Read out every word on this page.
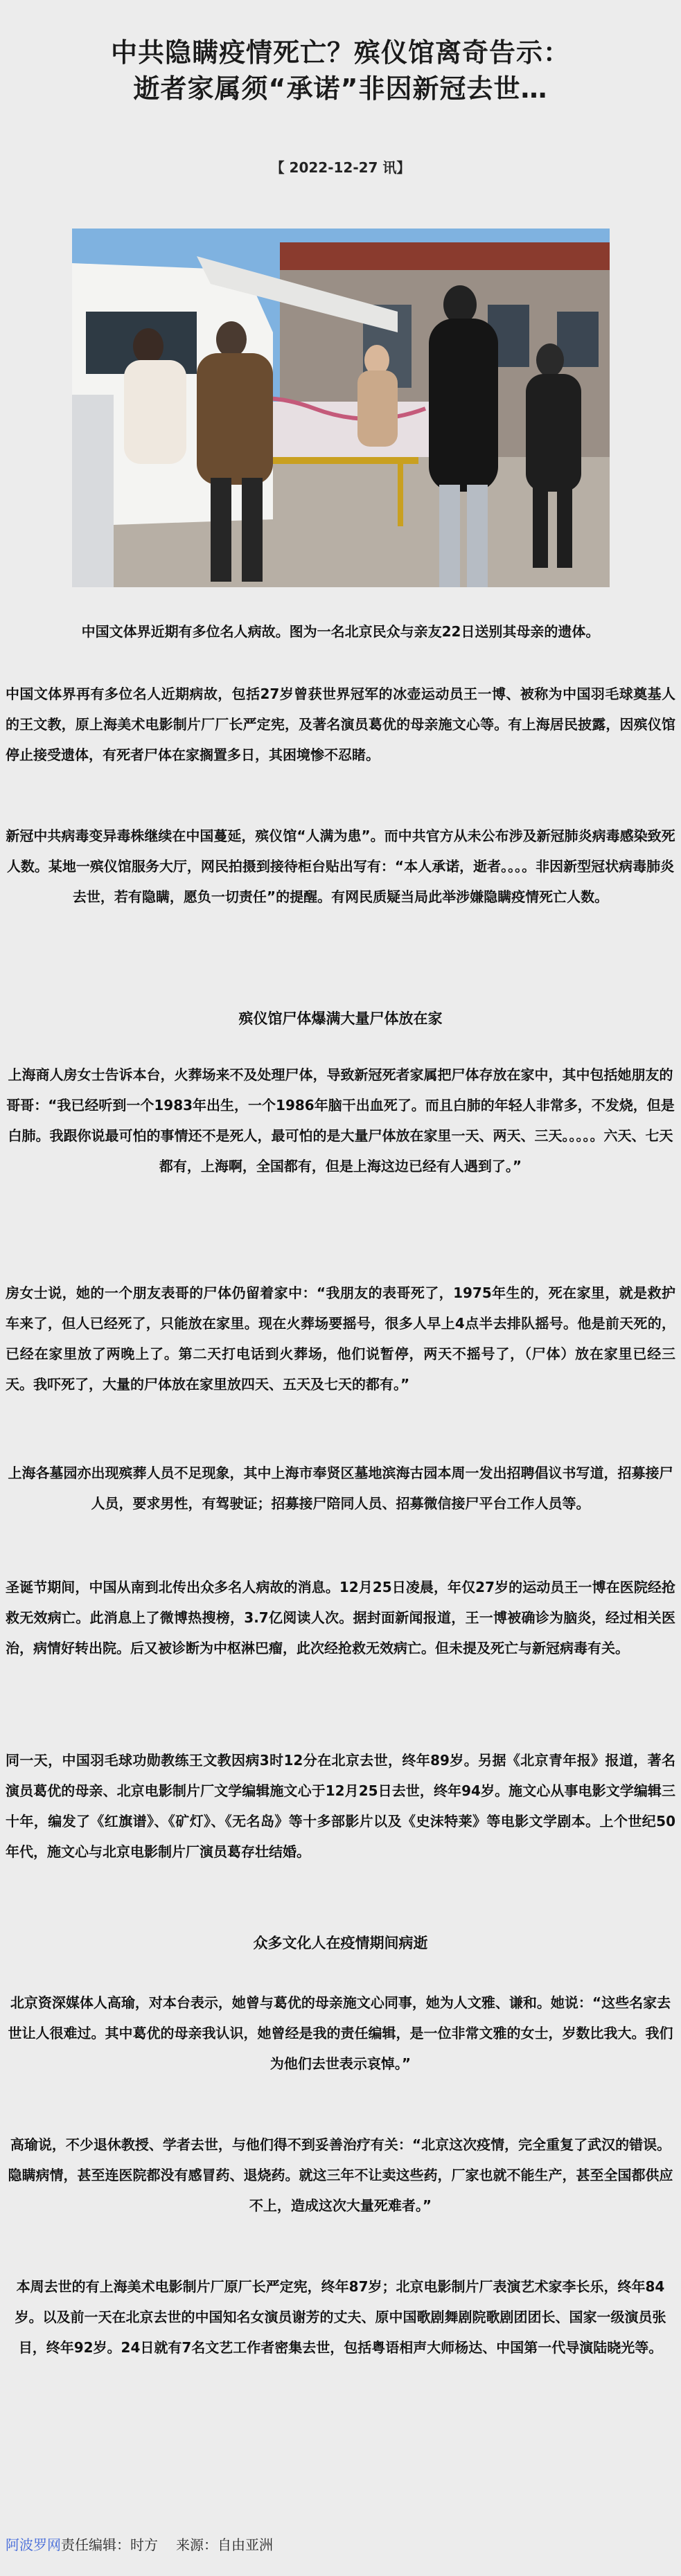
中共隐瞒疫情死亡？殡仪馆离奇告示：
逝者家属须“承诺”非因新冠去世…
【 2022-12-27 讯】
中国文体界近期有多位名人病故。图为一名北京民众与亲友22日送别其母亲的遗体。
中国文体界再有多位名人近期病故，包括27岁曾获世界冠军的冰壶运动员王一博、被称为中国羽毛球奠基人的王文教，原上海美术电影制片厂厂长严定宪，及著名演员葛优的母亲施文心等。有上海居民披露，因殡仪馆停止接受遗体，有死者尸体在家搁置多日，其困境惨不忍睹。
新冠中共病毒变异毒株继续在中国蔓延，殡仪馆“人满为患”。而中共官方从未公布涉及新冠肺炎病毒感染致死人数。某地一殡仪馆服务大厅，网民拍摄到接待柜台贴出写有：“本人承诺，逝者。。。。非因新型冠状病毒肺炎去世，若有隐瞒，愿负一切责任”的提醒。有网民质疑当局此举涉嫌隐瞒疫情死亡人数。
殡仪馆尸体爆满大量尸体放在家
上海商人房女士告诉本台，火葬场来不及处理尸体，导致新冠死者家属把尸体存放在家中，其中包括她朋友的哥哥：“我已经听到一个1983年出生，一个1986年脑干出血死了。而且白肺的年轻人非常多，不发烧，但是白肺。我跟你说最可怕的事情还不是死人，最可怕的是大量尸体放在家里一天、两天、三天。。。。。六天、七天都有，上海啊，全国都有，但是上海这边已经有人遇到了。”
房女士说，她的一个朋友表哥的尸体仍留着家中：“我朋友的表哥死了，1975年生的，死在家里，就是救护车来了，但人已经死了，只能放在家里。现在火葬场要摇号，很多人早上4点半去排队摇号。他是前天死的，已经在家里放了两晚上了。第二天打电话到火葬场，他们说暂停，两天不摇号了，（尸体）放在家里已经三天。我吓死了，大量的尸体放在家里放四天、五天及七天的都有。”
上海各墓园亦出现殡葬人员不足现象，其中上海市奉贤区墓地滨海古园本周一发出招聘倡议书写道，招募接尸人员，要求男性，有驾驶证；招募接尸陪同人员、招募微信接尸平台工作人员等。
圣诞节期间，中国从南到北传出众多名人病故的消息。12月25日凌晨，年仅27岁的运动员王一博在医院经抢救无效病亡。此消息上了微博热搜榜，3.7亿阅读人次。据封面新闻报道，王一博被确诊为脑炎，经过相关医治，病情好转出院。后又被诊断为中枢淋巴瘤，此次经抢救无效病亡。但未提及死亡与新冠病毒有关。
同一天，中国羽毛球功勋教练王文教因病3时12分在北京去世，终年89岁。另据《北京青年报》报道，著名演员葛优的母亲、北京电影制片厂文学编辑施文心于12月25日去世，终年94岁。施文心从事电影文学编辑三十年，编发了《红旗谱》、《矿灯》、《无名岛》等十多部影片以及《史沫特莱》等电影文学剧本。上个世纪50年代，施文心与北京电影制片厂演员葛存壮结婚。
众多文化人在疫情期间病逝
北京资深媒体人高瑜，对本台表示，她曾与葛优的母亲施文心同事，她为人文雅、谦和。她说：“这些名家去世让人很难过。其中葛优的母亲我认识，她曾经是我的责任编辑，是一位非常文雅的女士，岁数比我大。我们为他们去世表示哀悼。”
高瑜说，不少退休教授、学者去世，与他们得不到妥善治疗有关：“北京这次疫情，完全重复了武汉的错误。隐瞒病情，甚至连医院都没有感冒药、退烧药。就这三年不让卖这些药，厂家也就不能生产，甚至全国都供应不上，造成这次大量死难者。”
本周去世的有上海美术电影制片厂原厂长严定宪，终年87岁；北京电影制片厂表演艺术家李长乐，终年84岁。以及前一天在北京去世的中国知名女演员谢芳的丈夫、原中国歌剧舞剧院歌剧团团长、国家一级演员张目，终年92岁。24日就有7名文艺工作者密集去世，包括粤语相声大师杨达、中国第一代导演陆晓光等。
阿波罗网责任编辑：时方 来源：自由亚洲
